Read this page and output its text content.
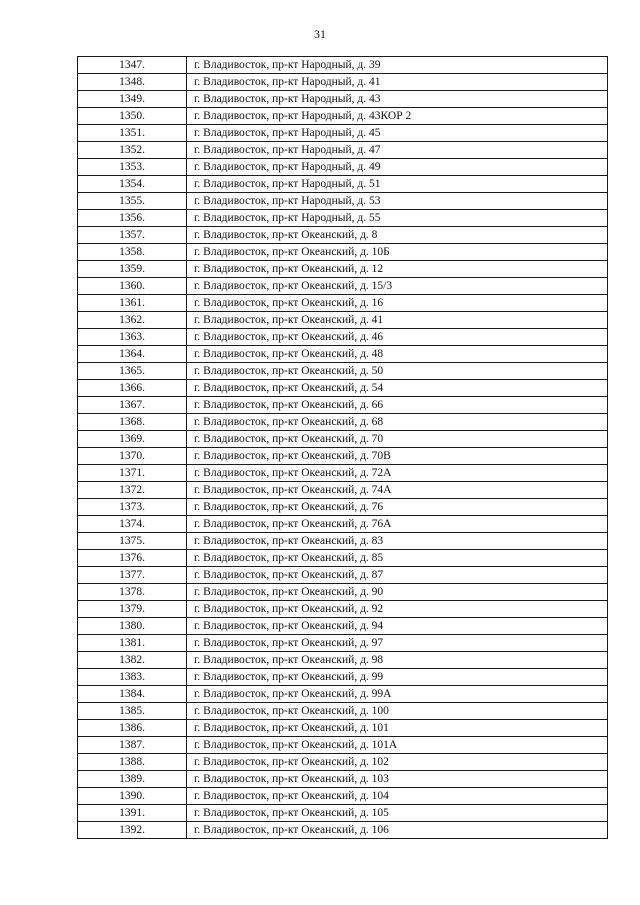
31
1347.	г. Владивосток, пр-кт Народный, д. 39
1348.	г. Владивосток, пр-кт Народный, д. 41
1349.	г. Владивосток, пр-кт Народный, д. 43
1350.	г. Владивосток, пр-кт Народный, д. 43КОР 2
1351.	г. Владивосток, пр-кт Народный, д. 45
1352.	г. Владивосток, пр-кт Народный, д. 47
1353.	г. Владивосток, пр-кт Народный, д. 49
1354.	г. Владивосток, пр-кт Народный, д. 51
1355.	г. Владивосток, пр-кт Народный, д. 53
1356.	г. Владивосток, пр-кт Народный, д. 55
1357.	г. Владивосток, пр-кт Океанский, д. 8
1358.	г. Владивосток, пр-кт Океанский, д. 10Б
1359.	г. Владивосток, пр-кт Океанский, д. 12
1360.	г. Владивосток, пр-кт Океанский, д. 15/3
1361.	г. Владивосток, пр-кт Океанский, д. 16
1362.	г. Владивосток, пр-кт Океанский, д. 41
1363.	г. Владивосток, пр-кт Океанский, д. 46
1364.	г. Владивосток, пр-кт Океанский, д. 48
1365.	г. Владивосток, пр-кт Океанский, д. 50
1366.	г. Владивосток, пр-кт Океанский, д. 54
1367.	г. Владивосток, пр-кт Океанский, д. 66
1368.	г. Владивосток, пр-кт Океанский, д. 68
1369.	г. Владивосток, пр-кт Океанский, д. 70
1370.	г. Владивосток, пр-кт Океанский, д. 70В
1371.	г. Владивосток, пр-кт Океанский, д. 72А
1372.	г. Владивосток, пр-кт Океанский, д. 74А
1373.	г. Владивосток, пр-кт Океанский, д. 76
1374.	г. Владивосток, пр-кт Океанский, д. 76А
1375.	г. Владивосток, пр-кт Океанский, д. 83
1376.	г. Владивосток, пр-кт Океанский, д. 85
1377.	г. Владивосток, пр-кт Океанский, д. 87
1378.	г. Владивосток, пр-кт Океанский, д. 90
1379.	г. Владивосток, пр-кт Океанский, д. 92
1380.	г. Владивосток, пр-кт Океанский, д. 94
1381.	г. Владивосток, пр-кт Океанский, д. 97
1382.	г. Владивосток, пр-кт Океанский, д. 98
1383.	г. Владивосток, пр-кт Океанский, д. 99
1384.	г. Владивосток, пр-кт Океанский, д. 99А
1385.	г. Владивосток, пр-кт Океанский, д. 100
1386.	г. Владивосток, пр-кт Океанский, д. 101
1387.	г. Владивосток, пр-кт Океанский, д. 101А
1388.	г. Владивосток, пр-кт Океанский, д. 102
1389.	г. Владивосток, пр-кт Океанский, д. 103
1390.	г. Владивосток, пр-кт Океанский, д. 104
1391.	г. Владивосток, пр-кт Океанский, д. 105
1392.	г. Владивосток, пр-кт Океанский, д. 106
